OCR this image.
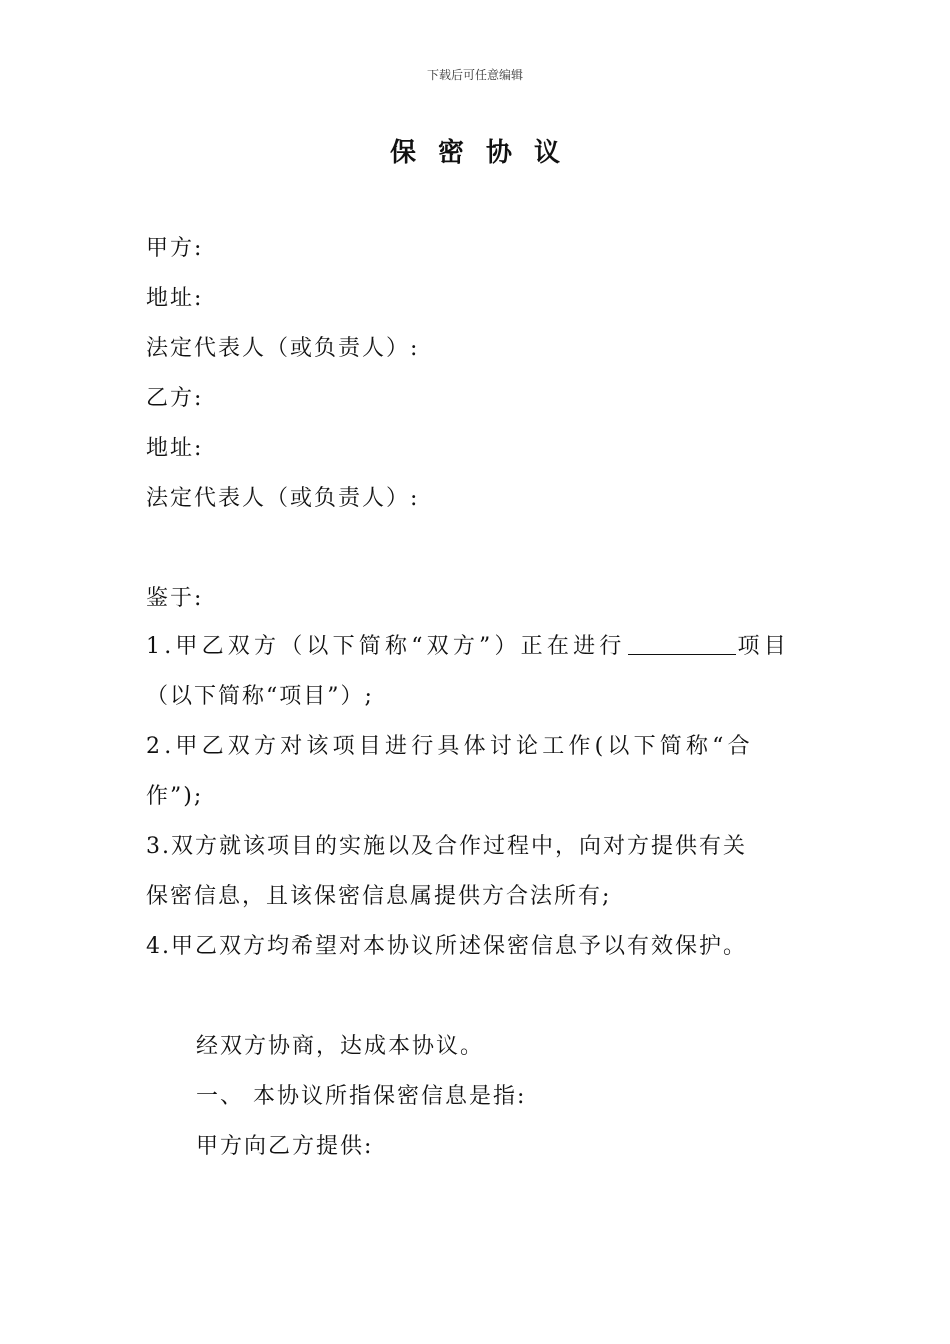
下载后可任意编辑
保密协议
甲方:
地址:
法定代表人（或负责人）:
乙方:
地址:
法定代表人（或负责人）:
鉴于:
1.甲乙双方（以下简称“双方”）正在进行	项目
（以下简称“项目”）;
2.甲乙双方对该项目进行具体讨论工作(以下简称“合
作”);
3.双方就该项目的实施以及合作过程中，向对方提供有关
保密信息，且该保密信息属提供方合法所有;
4.甲乙双方均希望对本协议所述保密信息予以有效保护。
经双方协商，达成本协议。
一、 本协议所指保密信息是指:
甲方向乙方提供:
